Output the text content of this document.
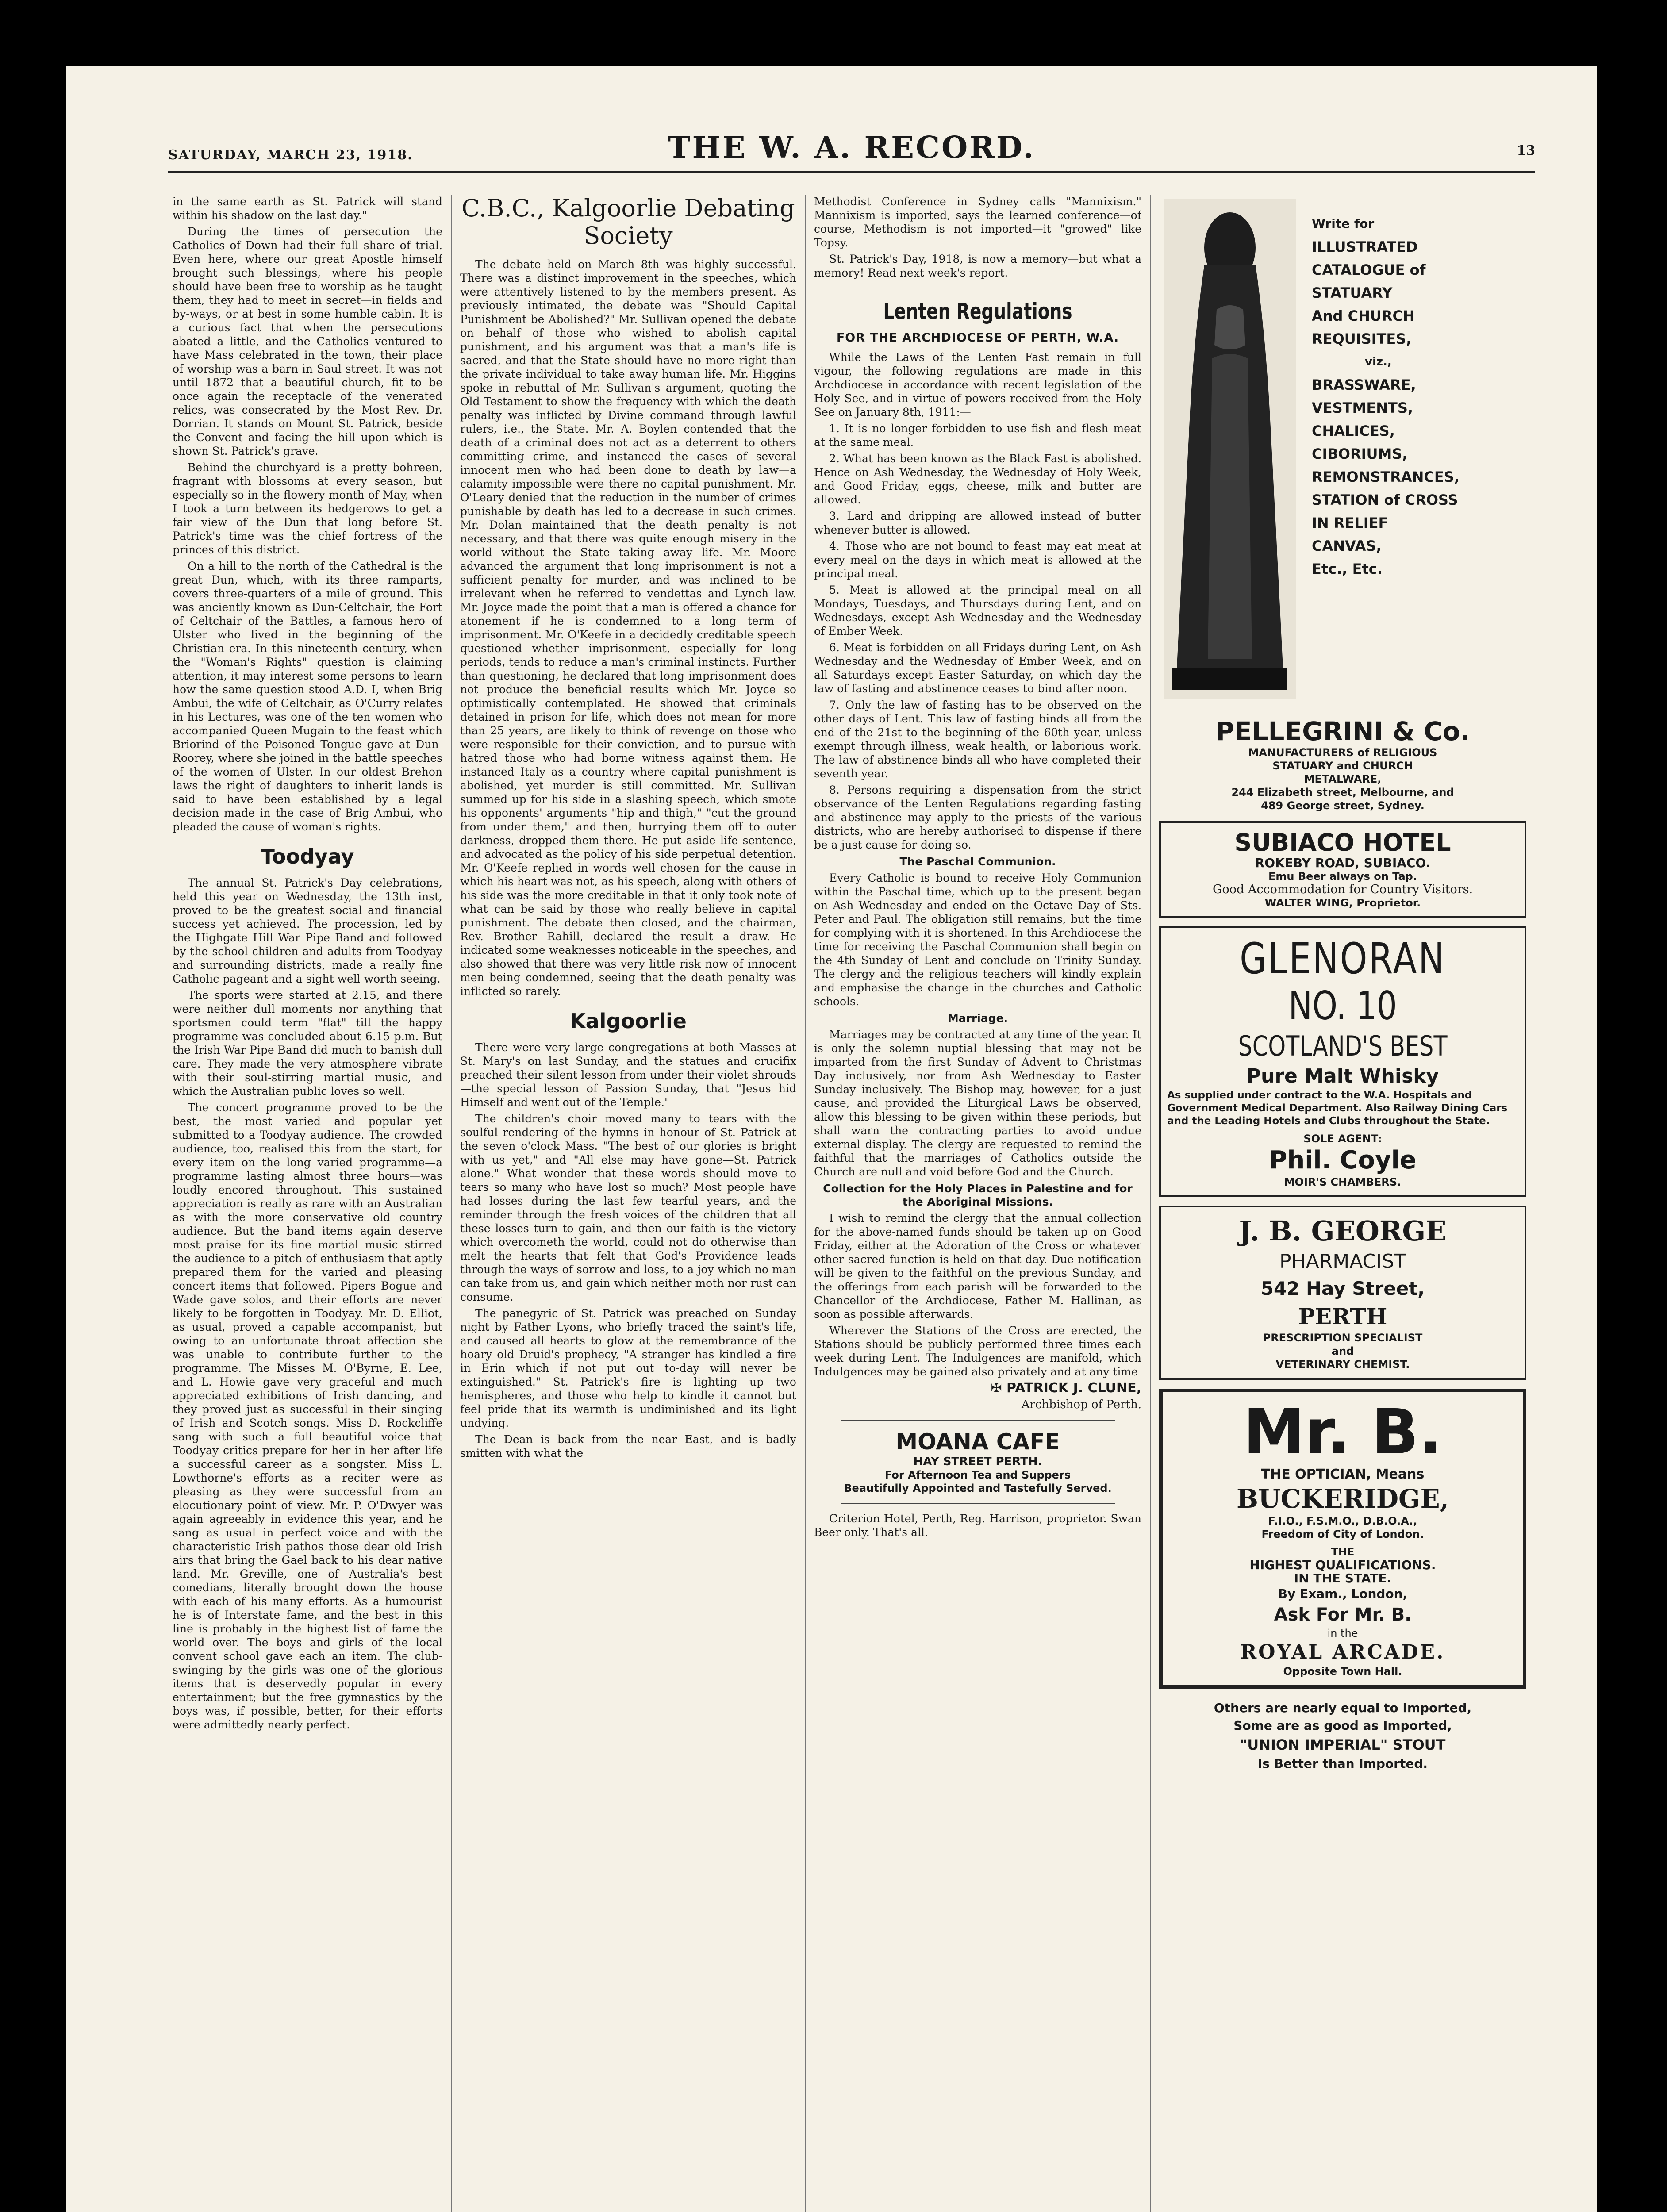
SATURDAY, MARCH 23, 1918.	THE W. A. RECORD.	13

in the same earth as St. Patrick will stand within his shadow on the last day."

During the times of persecution the Catholics of Down had their full share of trial. Even here, where our great Apostle himself brought such blessings, where his people should have been free to worship as he taught them, they had to meet in secret—in fields and by-ways, or at best in some humble cabin. It is a curious fact that when the persecutions abated a little, and the Catholics ventured to have Mass celebrated in the town, their place of worship was a barn in Saul street. It was not until 1872 that a beautiful church, fit to be once again the receptacle of the venerated relics, was consecrated by the Most Rev. Dr. Dorrian. It stands on Mount St. Patrick, beside the Convent and facing the hill upon which is shown St. Patrick's grave.

Behind the churchyard is a pretty bohreen, fragrant with blossoms at every season, but especially so in the flowery month of May, when I took a turn between its hedgerows to get a fair view of the Dun that long before St. Patrick's time was the chief fortress of the princes of this district.

On a hill to the north of the Cathedral is the great Dun, which, with its three ramparts, covers three-quarters of a mile of ground. This was anciently known as Dun-Celtchair, the Fort of Celtchair of the Battles, a famous hero of Ulster who lived in the beginning of the Christian era. In this nineteenth century, when the "Woman's Rights" question is claiming attention, it may interest some persons to learn how the same question stood A.D. I, when Brig Ambui, the wife of Celtchair, as O'Curry relates in his Lectures, was one of the ten women who accompanied Queen Mugain to the feast which Briorind of the Poisoned Tongue gave at Dun-Roorey, where she joined in the battle speeches of the women of Ulster. In our oldest Brehon laws the right of daughters to inherit lands is said to have been established by a legal decision made in the case of Brig Ambui, who pleaded the cause of woman's rights.

Toodyay

The annual St. Patrick's Day celebrations, held this year on Wednesday, the 13th inst, proved to be the greatest social and financial success yet achieved. The procession, led by the Highgate Hill War Pipe Band and followed by the school children and adults from Toodyay and surrounding districts, made a really fine Catholic pageant and a sight well worth seeing.

The sports were started at 2.15, and there were neither dull moments nor anything that sportsmen could term "flat" till the happy programme was concluded about 6.15 p.m. But the Irish War Pipe Band did much to banish dull care. They made the very atmosphere vibrate with their soul-stirring martial music, and which the Australian public loves so well.

The concert programme proved to be the best, the most varied and popular yet submitted to a Toodyay audience. The crowded audience, too, realised this from the start, for every item on the long varied programme—a programme lasting almost three hours—was loudly encored throughout. This sustained appreciation is really as rare with an Australian as with the more conservative old country audience. But the band items again deserve most praise for its fine martial music stirred the audience to a pitch of enthusiasm that aptly prepared them for the varied and pleasing concert items that followed. Pipers Bogue and Wade gave solos, and their efforts are never likely to be forgotten in Toodyay. Mr. D. Elliot, as usual, proved a capable accompanist, but owing to an unfortunate throat affection she was unable to contribute further to the programme. The Misses M. O'Byrne, E. Lee, and L. Howie gave very graceful and much appreciated exhibitions of Irish dancing, and they proved just as successful in their singing of Irish and Scotch songs. Miss D. Rockcliffe sang with such a full beautiful voice that Toodyay critics prepare for her in her after life a successful career as a songster. Miss L. Lowthorne's efforts as a reciter were as pleasing as they were successful from an elocutionary point of view. Mr. P. O'Dwyer was again agreeably in evidence this year, and he sang as usual in perfect voice and with the characteristic Irish pathos those dear old Irish airs that bring the Gael back to his dear native land. Mr. Greville, one of Australia's best comedians, literally brought down the house with each of his many efforts. As a humourist he is of Interstate fame, and the best in this line is probably in the highest list of fame the world over. The boys and girls of the local convent school gave each an item. The club-swinging by the girls was one of the glorious items that is deservedly popular in every entertainment; but the free gymnastics by the boys was, if possible, better, for their efforts were admittedly nearly perfect.

C.B.C., Kalgoorlie Debating Society

The debate held on March 8th was highly successful. There was a distinct improvement in the speeches, which were attentively listened to by the members present. As previously intimated, the debate was "Should Capital Punishment be Abolished?" Mr. Sullivan opened the debate on behalf of those who wished to abolish capital punishment, and his argument was that a man's life is sacred, and that the State should have no more right than the private individual to take away human life. Mr. Higgins spoke in rebuttal of Mr. Sullivan's argument, quoting the Old Testament to show the frequency with which the death penalty was inflicted by Divine command through lawful rulers, i.e., the State. Mr. A. Boylen contended that the death of a criminal does not act as a deterrent to others committing crime, and instanced the cases of several innocent men who had been done to death by law—a calamity impossible were there no capital punishment. Mr. O'Leary denied that the reduction in the number of crimes punishable by death has led to a decrease in such crimes. Mr. Dolan maintained that the death penalty is not necessary, and that there was quite enough misery in the world without the State taking away life. Mr. Moore advanced the argument that long imprisonment is not a sufficient penalty for murder, and was inclined to be irrelevant when he referred to vendettas and Lynch law. Mr. Joyce made the point that a man is offered a chance for atonement if he is condemned to a long term of imprisonment. Mr. O'Keefe in a decidedly creditable speech questioned whether imprisonment, especially for long periods, tends to reduce a man's criminal instincts. Further than questioning, he declared that long imprisonment does not produce the beneficial results which Mr. Joyce so optimistically contemplated. He showed that criminals detained in prison for life, which does not mean for more than 25 years, are likely to think of revenge on those who were responsible for their conviction, and to pursue with hatred those who had borne witness against them. He instanced Italy as a country where capital punishment is abolished, yet murder is still committed. Mr. Sullivan summed up for his side in a slashing speech, which smote his opponents' arguments "hip and thigh," "cut the ground from under them," and then, hurrying them off to outer darkness, dropped them there. He put aside life sentence, and advocated as the policy of his side perpetual detention. Mr. O'Keefe replied in words well chosen for the cause in which his heart was not, as his speech, along with others of his side was the more creditable in that it only took note of what can be said by those who really believe in capital punishment. The debate then closed, and the chairman, Rev. Brother Rahill, declared the result a draw. He indicated some weaknesses noticeable in the speeches, and also showed that there was very little risk now of innocent men being condemned, seeing that the death penalty was inflicted so rarely.

Kalgoorlie

There were very large congregations at both Masses at St. Mary's on last Sunday, and the statues and crucifix preached their silent lesson from under their violet shrouds—the special lesson of Passion Sunday, that "Jesus hid Himself and went out of the Temple."

The children's choir moved many to tears with the soulful rendering of the hymns in honour of St. Patrick at the seven o'clock Mass. "The best of our glories is bright with us yet," and "All else may have gone—St. Patrick alone." What wonder that these words should move to tears so many who have lost so much? Most people have had losses during the last few tearful years, and the reminder through the fresh voices of the children that all these losses turn to gain, and then our faith is the victory which overcometh the world, could not do otherwise than melt the hearts that felt that God's Providence leads through the ways of sorrow and loss, to a joy which no man can take from us, and gain which neither moth nor rust can consume.

The panegyric of St. Patrick was preached on Sunday night by Father Lyons, who briefly traced the saint's life, and caused all hearts to glow at the remembrance of the hoary old Druid's prophecy, "A stranger has kindled a fire in Erin which if not put out to-day will never be extinguished." St. Patrick's fire is lighting up two hemispheres, and those who help to kindle it cannot but feel pride that its warmth is undiminished and its light undying.

The Dean is back from the near East, and is badly smitten with what the

Methodist Conference in Sydney calls "Mannixism." Mannixism is imported, says the learned conference—of course, Methodism is not imported—it "growed" like Topsy.

St. Patrick's Day, 1918, is now a memory—but what a memory! Read next week's report.

Lenten Regulations
FOR THE ARCHDIOCESE OF PERTH, W.A.

While the Laws of the Lenten Fast remain in full vigour, the following regulations are made in this Archdiocese in accordance with recent legislation of the Holy See, and in virtue of powers received from the Holy See on January 8th, 1911:—

1. It is no longer forbidden to use fish and flesh meat at the same meal.

2. What has been known as the Black Fast is abolished. Hence on Ash Wednesday, the Wednesday of Holy Week, and Good Friday, eggs, cheese, milk and butter are allowed.

3. Lard and dripping are allowed instead of butter whenever butter is allowed.

4. Those who are not bound to feast may eat meat at every meal on the days in which meat is allowed at the principal meal.

5. Meat is allowed at the principal meal on all Mondays, Tuesdays, and Thursdays during Lent, and on Wednesdays, except Ash Wednesday and the Wednesday of Ember Week.

6. Meat is forbidden on all Fridays during Lent, on Ash Wednesday and the Wednesday of Ember Week, and on all Saturdays except Easter Saturday, on which day the law of fasting and abstinence ceases to bind after noon.

7. Only the law of fasting has to be observed on the other days of Lent. This law of fasting binds all from the end of the 21st to the beginning of the 60th year, unless exempt through illness, weak health, or laborious work. The law of abstinence binds all who have completed their seventh year.

8. Persons requiring a dispensation from the strict observance of the Lenten Regulations regarding fasting and abstinence may apply to the priests of the various districts, who are hereby authorised to dispense if there be a just cause for doing so.

The Paschal Communion.

Every Catholic is bound to receive Holy Communion within the Paschal time, which up to the present began on Ash Wednesday and ended on the Octave Day of Sts. Peter and Paul. The obligation still remains, but the time for complying with it is shortened. In this Archdiocese the time for receiving the Paschal Communion shall begin on the 4th Sunday of Lent and conclude on Trinity Sunday. The clergy and the religious teachers will kindly explain and emphasise the change in the churches and Catholic schools.

Marriage.

Marriages may be contracted at any time of the year. It is only the solemn nuptial blessing that may not be imparted from the first Sunday of Advent to Christmas Day inclusively, nor from Ash Wednesday to Easter Sunday inclusively. The Bishop may, however, for a just cause, and provided the Liturgical Laws be observed, allow this blessing to be given within these periods, but shall warn the contracting parties to avoid undue external display. The clergy are requested to remind the faithful that the marriages of Catholics outside the Church are null and void before God and the Church.

Collection for the Holy Places in Palestine and for the Aboriginal Missions.

I wish to remind the clergy that the annual collection for the above-named funds should be taken up on Good Friday, either at the Adoration of the Cross or whatever other sacred function is held on that day. Due notification will be given to the faithful on the previous Sunday, and the offerings from each parish will be forwarded to the Chancellor of the Archdiocese, Father M. Hallinan, as soon as possible afterwards.

Wherever the Stations of the Cross are erected, the Stations should be publicly performed three times each week during Lent. The Indulgences are manifold, which Indulgences may be gained also privately and at any time

✠ PATRICK J. CLUNE,
Archbishop of Perth.
MOANA CAFE
HAY STREET PERTH.
For Afternoon Tea and Suppers
Beautifully Appointed and Tastefully Served.

Criterion Hotel, Perth, Reg. Harrison, proprietor. Swan Beer only. That's all.

Write for
ILLUSTRATED
CATALOGUE of
STATUARY
And CHURCH
REQUISITES,
viz.,
BRASSWARE,
VESTMENTS,
CHALICES,
CIBORIUMS,
REMONSTRANCES,
STATION of CROSS
IN RELIEF
CANVAS,
Etc., Etc.
PELLEGRINI & Co.
MANUFACTURERS of RELIGIOUS
STATUARY and CHURCH
METALWARE,
244 Elizabeth street, Melbourne, and
489 George street, Sydney.
SUBIACO HOTEL
ROKEBY ROAD, SUBIACO.
Emu Beer always on Tap.
Good Accommodation for Country Visitors.
WALTER WING, Proprietor.
GLENORAN
NO. 10
SCOTLAND'S BEST
Pure Malt Whisky
As supplied under contract to the W.A. Hospitals and Government Medical Department. Also Railway Dining Cars and the Leading Hotels and Clubs throughout the State.
SOLE AGENT:
Phil. Coyle
MOIR'S CHAMBERS.
J. B. GEORGE
PHARMACIST
542 Hay Street,
PERTH
PRESCRIPTION SPECIALIST
and
VETERINARY CHEMIST.
Mr. B.
THE OPTICIAN, Means
BUCKERIDGE,
F.I.O., F.S.M.O., D.B.O.A.,
Freedom of City of London.
THE
HIGHEST QUALIFICATIONS.
IN THE STATE.
By Exam., London,
Ask For Mr. B.
in the
ROYAL ARCADE.
Opposite Town Hall.
Others are nearly equal to Imported,
Some are as good as Imported,
"UNION IMPERIAL" STOUT
Is Better than Imported.
